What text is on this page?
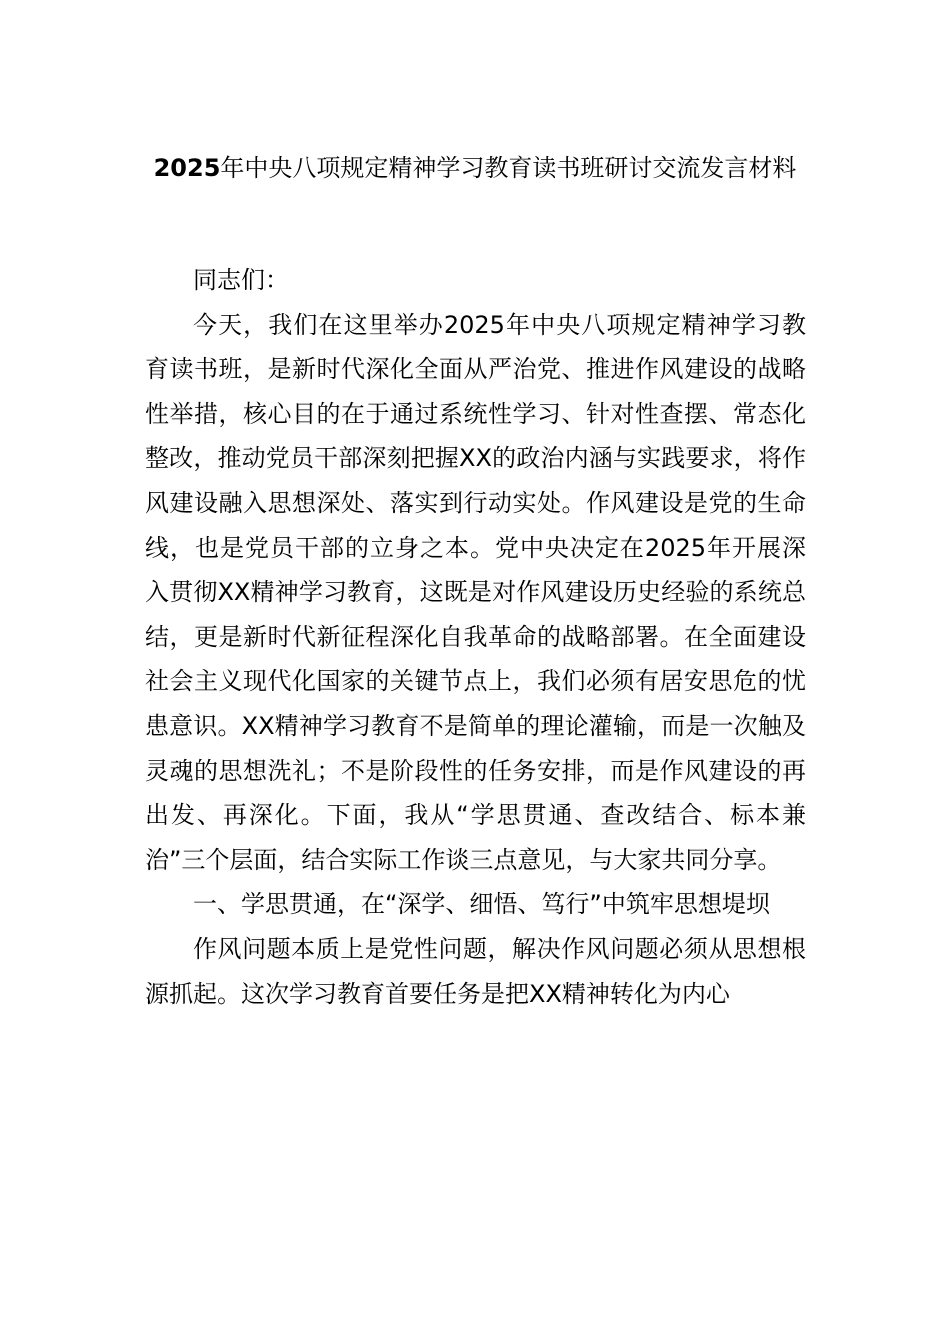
2025年中央八项规定精神学习教育读书班研讨交流发言材料

同志们：

今天，我们在这里举办2025年中央八项规定精神学习教育读书班，是新时代深化全面从严治党、推进作风建设的战略性举措，核心目的在于通过系统性学习、针对性查摆、常态化整改，推动党员干部深刻把握XX的政治内涵与实践要求，将作风建设融入思想深处、落实到行动实处。作风建设是党的生命线，也是党员干部的立身之本。党中央决定在2025年开展深入贯彻XX精神学习教育，这既是对作风建设历史经验的系统总结，更是新时代新征程深化自我革命的战略部署。在全面建设社会主义现代化国家的关键节点上，我们必须有居安思危的忧患意识。XX精神学习教育不是简单的理论灌输，而是一次触及灵魂的思想洗礼；不是阶段性的任务安排，而是作风建设的再出发、再深化。下面，我从“学思贯通、查改结合、标本兼治”三个层面，结合实际工作谈三点意见，与大家共同分享。

一、学思贯通，在“深学、细悟、笃行”中筑牢思想堤坝

作风问题本质上是党性问题，解决作风问题必须从思想根源抓起。这次学习教育首要任务是把XX精神转化为内心
